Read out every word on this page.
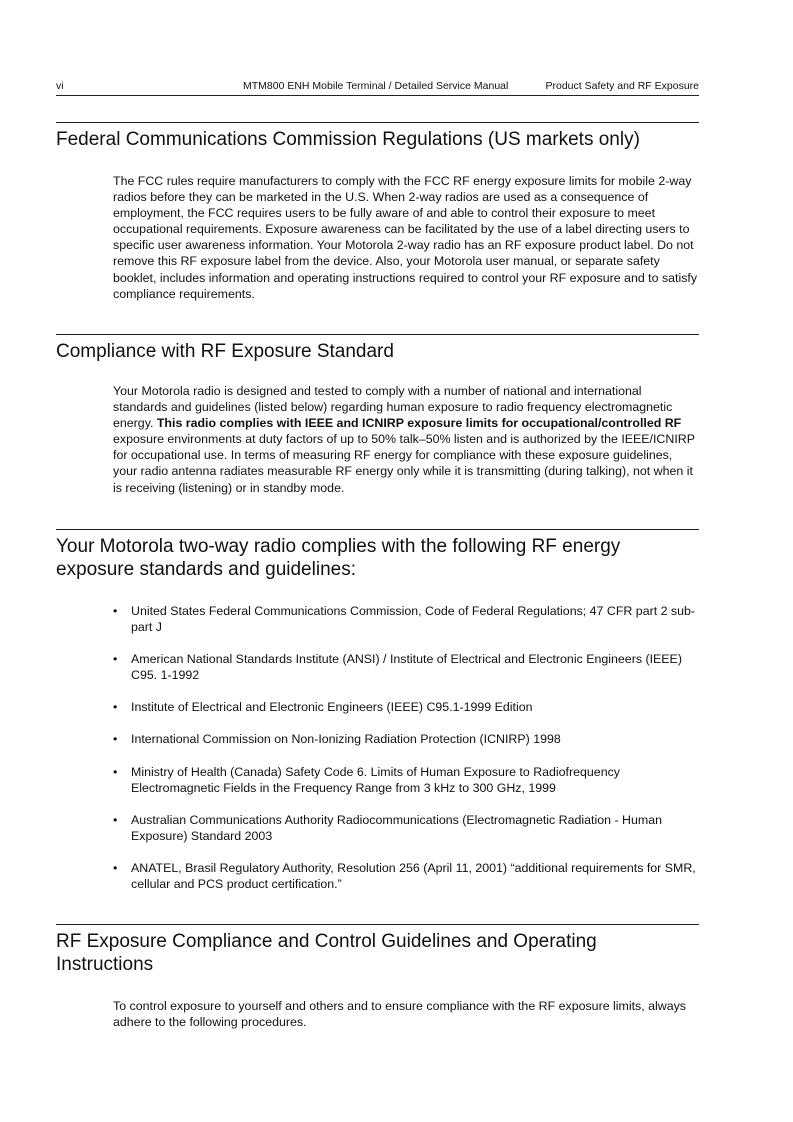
vi	MTM800 ENH Mobile Terminal / Detailed Service Manual	Product Safety and RF Exposure
Federal Communications Commission Regulations (US markets only)

The FCC rules require manufacturers to comply with the FCC RF energy exposure limits for mobile 2-way radios before they can be marketed in the U.S. When 2-way radios are used as a consequence of employment, the FCC requires users to be fully aware of and able to control their exposure to meet occupational requirements. Exposure awareness can be facilitated by the use of a label directing users to specific user awareness information. Your Motorola 2-way radio has an RF exposure product label. Do not remove this RF exposure label from the device. Also, your Motorola user manual, or separate safety booklet, includes information and operating instructions required to control your RF exposure and to satisfy compliance requirements.

Compliance with RF Exposure Standard

Your Motorola radio is designed and tested to comply with a number of national and international standards and guidelines (listed below) regarding human exposure to radio frequency electromagnetic energy. This radio complies with IEEE and ICNIRP exposure limits for occupational/controlled RF exposure environments at duty factors of up to 50% talk–50% listen and is authorized by the IEEE/ICNIRP for occupational use. In terms of measuring RF energy for compliance with these exposure guidelines, your radio antenna radiates measurable RF energy only while it is transmitting (during talking), not when it is receiving (listening) or in standby mode.

Your Motorola two-way radio complies with the following RF energy exposure standards and guidelines:
• United States Federal Communications Commission, Code of Federal Regulations; 47 CFR part 2 sub-part J
• American National Standards Institute (ANSI) / Institute of Electrical and Electronic Engineers (IEEE) C95. 1-1992
• Institute of Electrical and Electronic Engineers (IEEE) C95.1-1999 Edition
• International Commission on Non-Ionizing Radiation Protection (ICNIRP) 1998
• Ministry of Health (Canada) Safety Code 6. Limits of Human Exposure to Radiofrequency Electromagnetic Fields in the Frequency Range from 3 kHz to 300 GHz, 1999
• Australian Communications Authority Radiocommunications (Electromagnetic Radiation - Human Exposure) Standard 2003
• ANATEL, Brasil Regulatory Authority, Resolution 256 (April 11, 2001) “additional requirements for SMR, cellular and PCS product certification.”
RF Exposure Compliance and Control Guidelines and Operating Instructions

To control exposure to yourself and others and to ensure compliance with the RF exposure limits, always adhere to the following procedures.
